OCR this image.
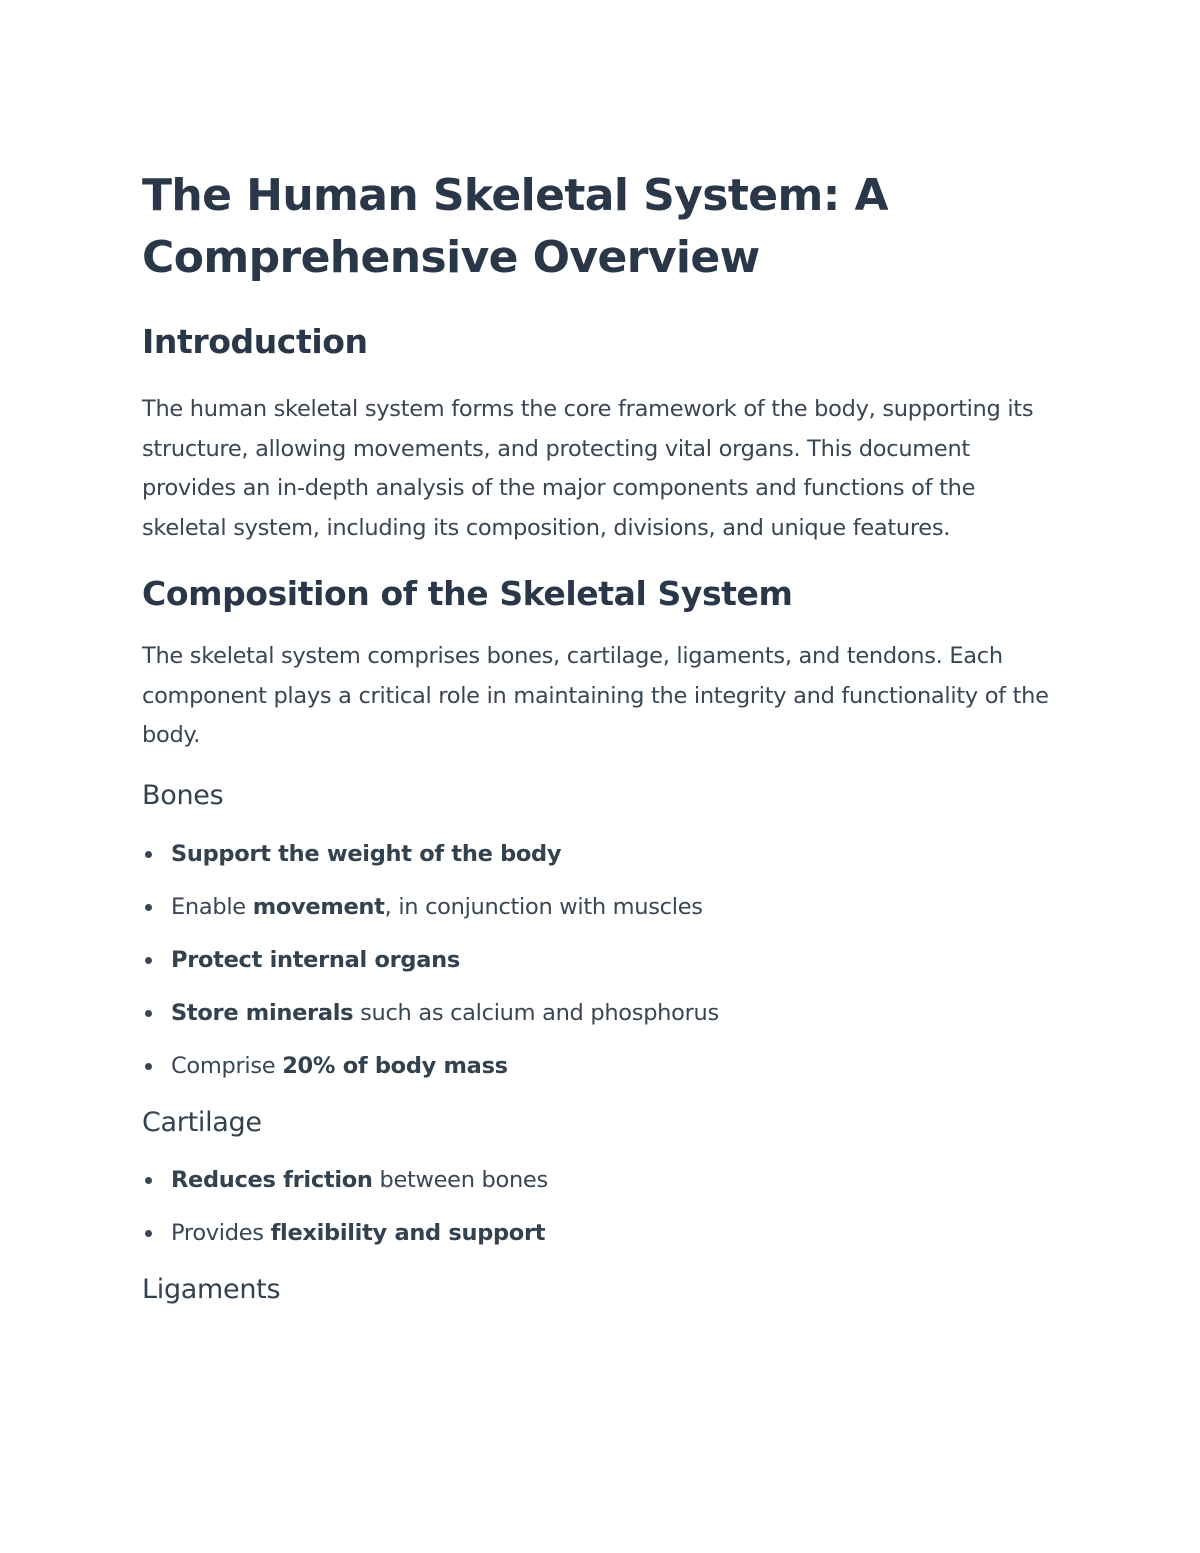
The Human Skeletal System: A Comprehensive Overview
Introduction

The human skeletal system forms the core framework of the body, supporting its structure, allowing movements, and protecting vital organs. This document provides an in-depth analysis of the major components and functions of the skeletal system, including its composition, divisions, and unique features.

Composition of the Skeletal System

The skeletal system comprises bones, cartilage, ligaments, and tendons. Each component plays a critical role in maintaining the integrity and functionality of the body.

Bones
Support the weight of the body
Enable movement, in conjunction with muscles
Protect internal organs
Store minerals such as calcium and phosphorus
Comprise 20% of body mass
Cartilage
Reduces friction between bones
Provides flexibility and support
Ligaments
